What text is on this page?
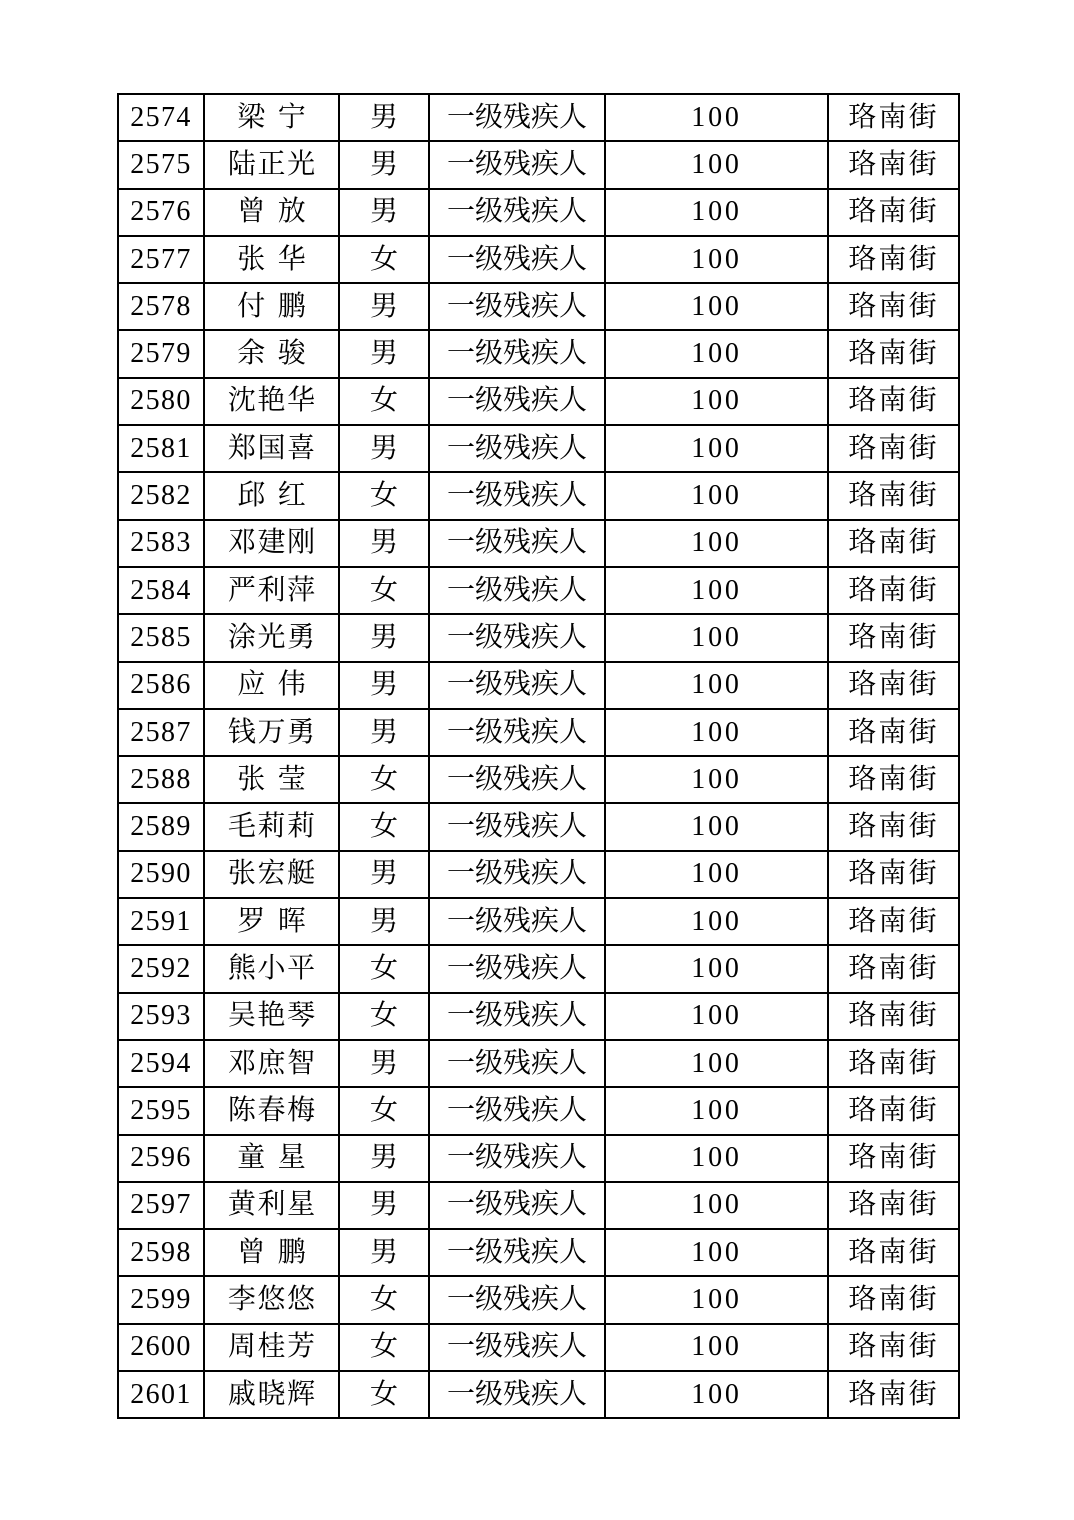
2574	梁宁	男	一级残疾人	100	珞南街
2575	陆正光	男	一级残疾人	100	珞南街
2576	曾放	男	一级残疾人	100	珞南街
2577	张华	女	一级残疾人	100	珞南街
2578	付鹏	男	一级残疾人	100	珞南街
2579	余骏	男	一级残疾人	100	珞南街
2580	沈艳华	女	一级残疾人	100	珞南街
2581	郑国喜	男	一级残疾人	100	珞南街
2582	邱红	女	一级残疾人	100	珞南街
2583	邓建刚	男	一级残疾人	100	珞南街
2584	严利萍	女	一级残疾人	100	珞南街
2585	涂光勇	男	一级残疾人	100	珞南街
2586	应伟	男	一级残疾人	100	珞南街
2587	钱万勇	男	一级残疾人	100	珞南街
2588	张莹	女	一级残疾人	100	珞南街
2589	毛莉莉	女	一级残疾人	100	珞南街
2590	张宏艇	男	一级残疾人	100	珞南街
2591	罗晖	男	一级残疾人	100	珞南街
2592	熊小平	女	一级残疾人	100	珞南街
2593	吴艳琴	女	一级残疾人	100	珞南街
2594	邓庶智	男	一级残疾人	100	珞南街
2595	陈春梅	女	一级残疾人	100	珞南街
2596	童星	男	一级残疾人	100	珞南街
2597	黄利星	男	一级残疾人	100	珞南街
2598	曾鹏	男	一级残疾人	100	珞南街
2599	李悠悠	女	一级残疾人	100	珞南街
2600	周桂芳	女	一级残疾人	100	珞南街
2601	戚晓辉	女	一级残疾人	100	珞南街
